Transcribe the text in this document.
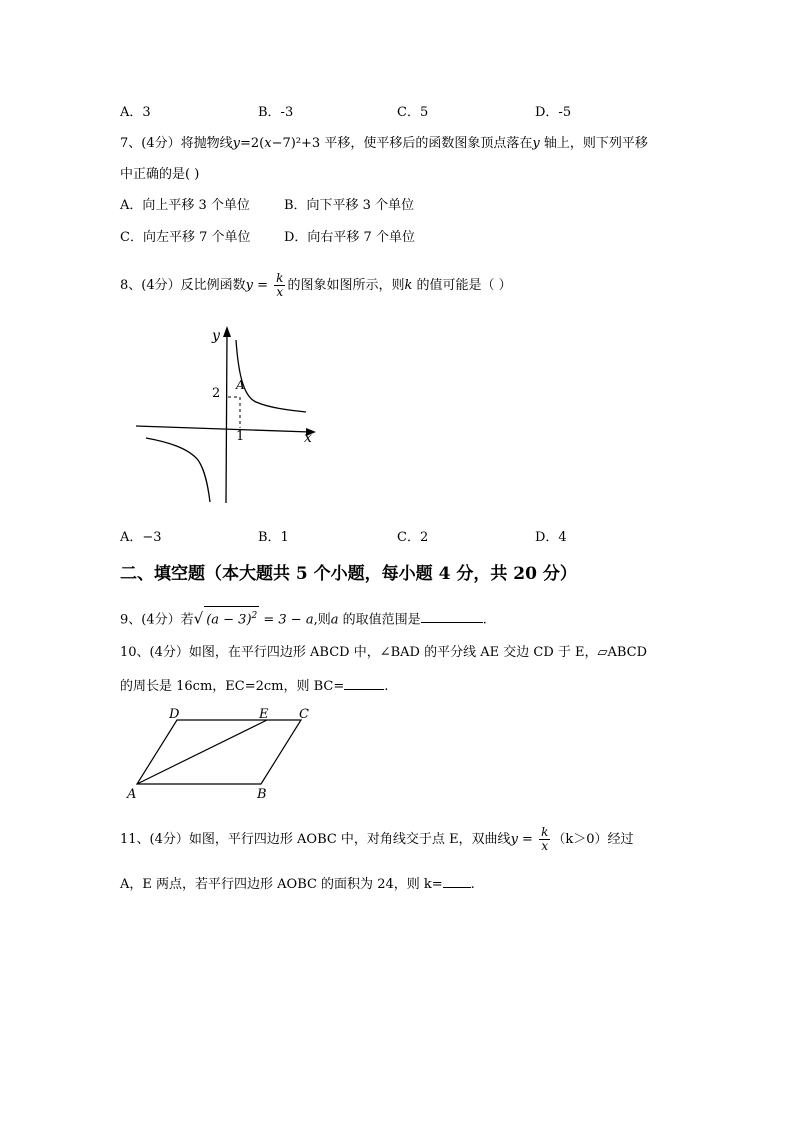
A．3	B．-3	C．5	D．-5
7、(4分）将抛物线y=2(x−7)²+3 平移，使平移后的函数图象顶点落在y 轴上，则下列平移
中正确的是( )
A．向上平移 3 个单位	B．向下平移 3 个单位
C．向左平移 7 个单位	D．向右平移 7 个单位
8、(4分）反比例函数$y = \frac{k}{x}$ 的图象如图所示，则k 的值可能是（ ）
y
x
2
1
A
A．−3	B．1	C．2	D．4
二、填空题（本大题共 5 个小题，每小题 4 分，共 20 分）
9、(4分）若√ $(a - 3)^2 = 3 - a$,则a 的取值范围是	.
10、(4分）如图，在平行四边形 ABCD 中，∠BAD 的平分线 AE 交边 CD 于 E，▱ABCD
的周长是 16cm，EC=2cm，则 BC=	.
D	E C
A	B
11、(4分）如图，平行四边形 AOBC 中，对角线交于点 E，双曲线$y = \frac{k}{x} (k>0)$经过
A，E 两点，若平行四边形 AOBC 的面积为 24，则 k= .
